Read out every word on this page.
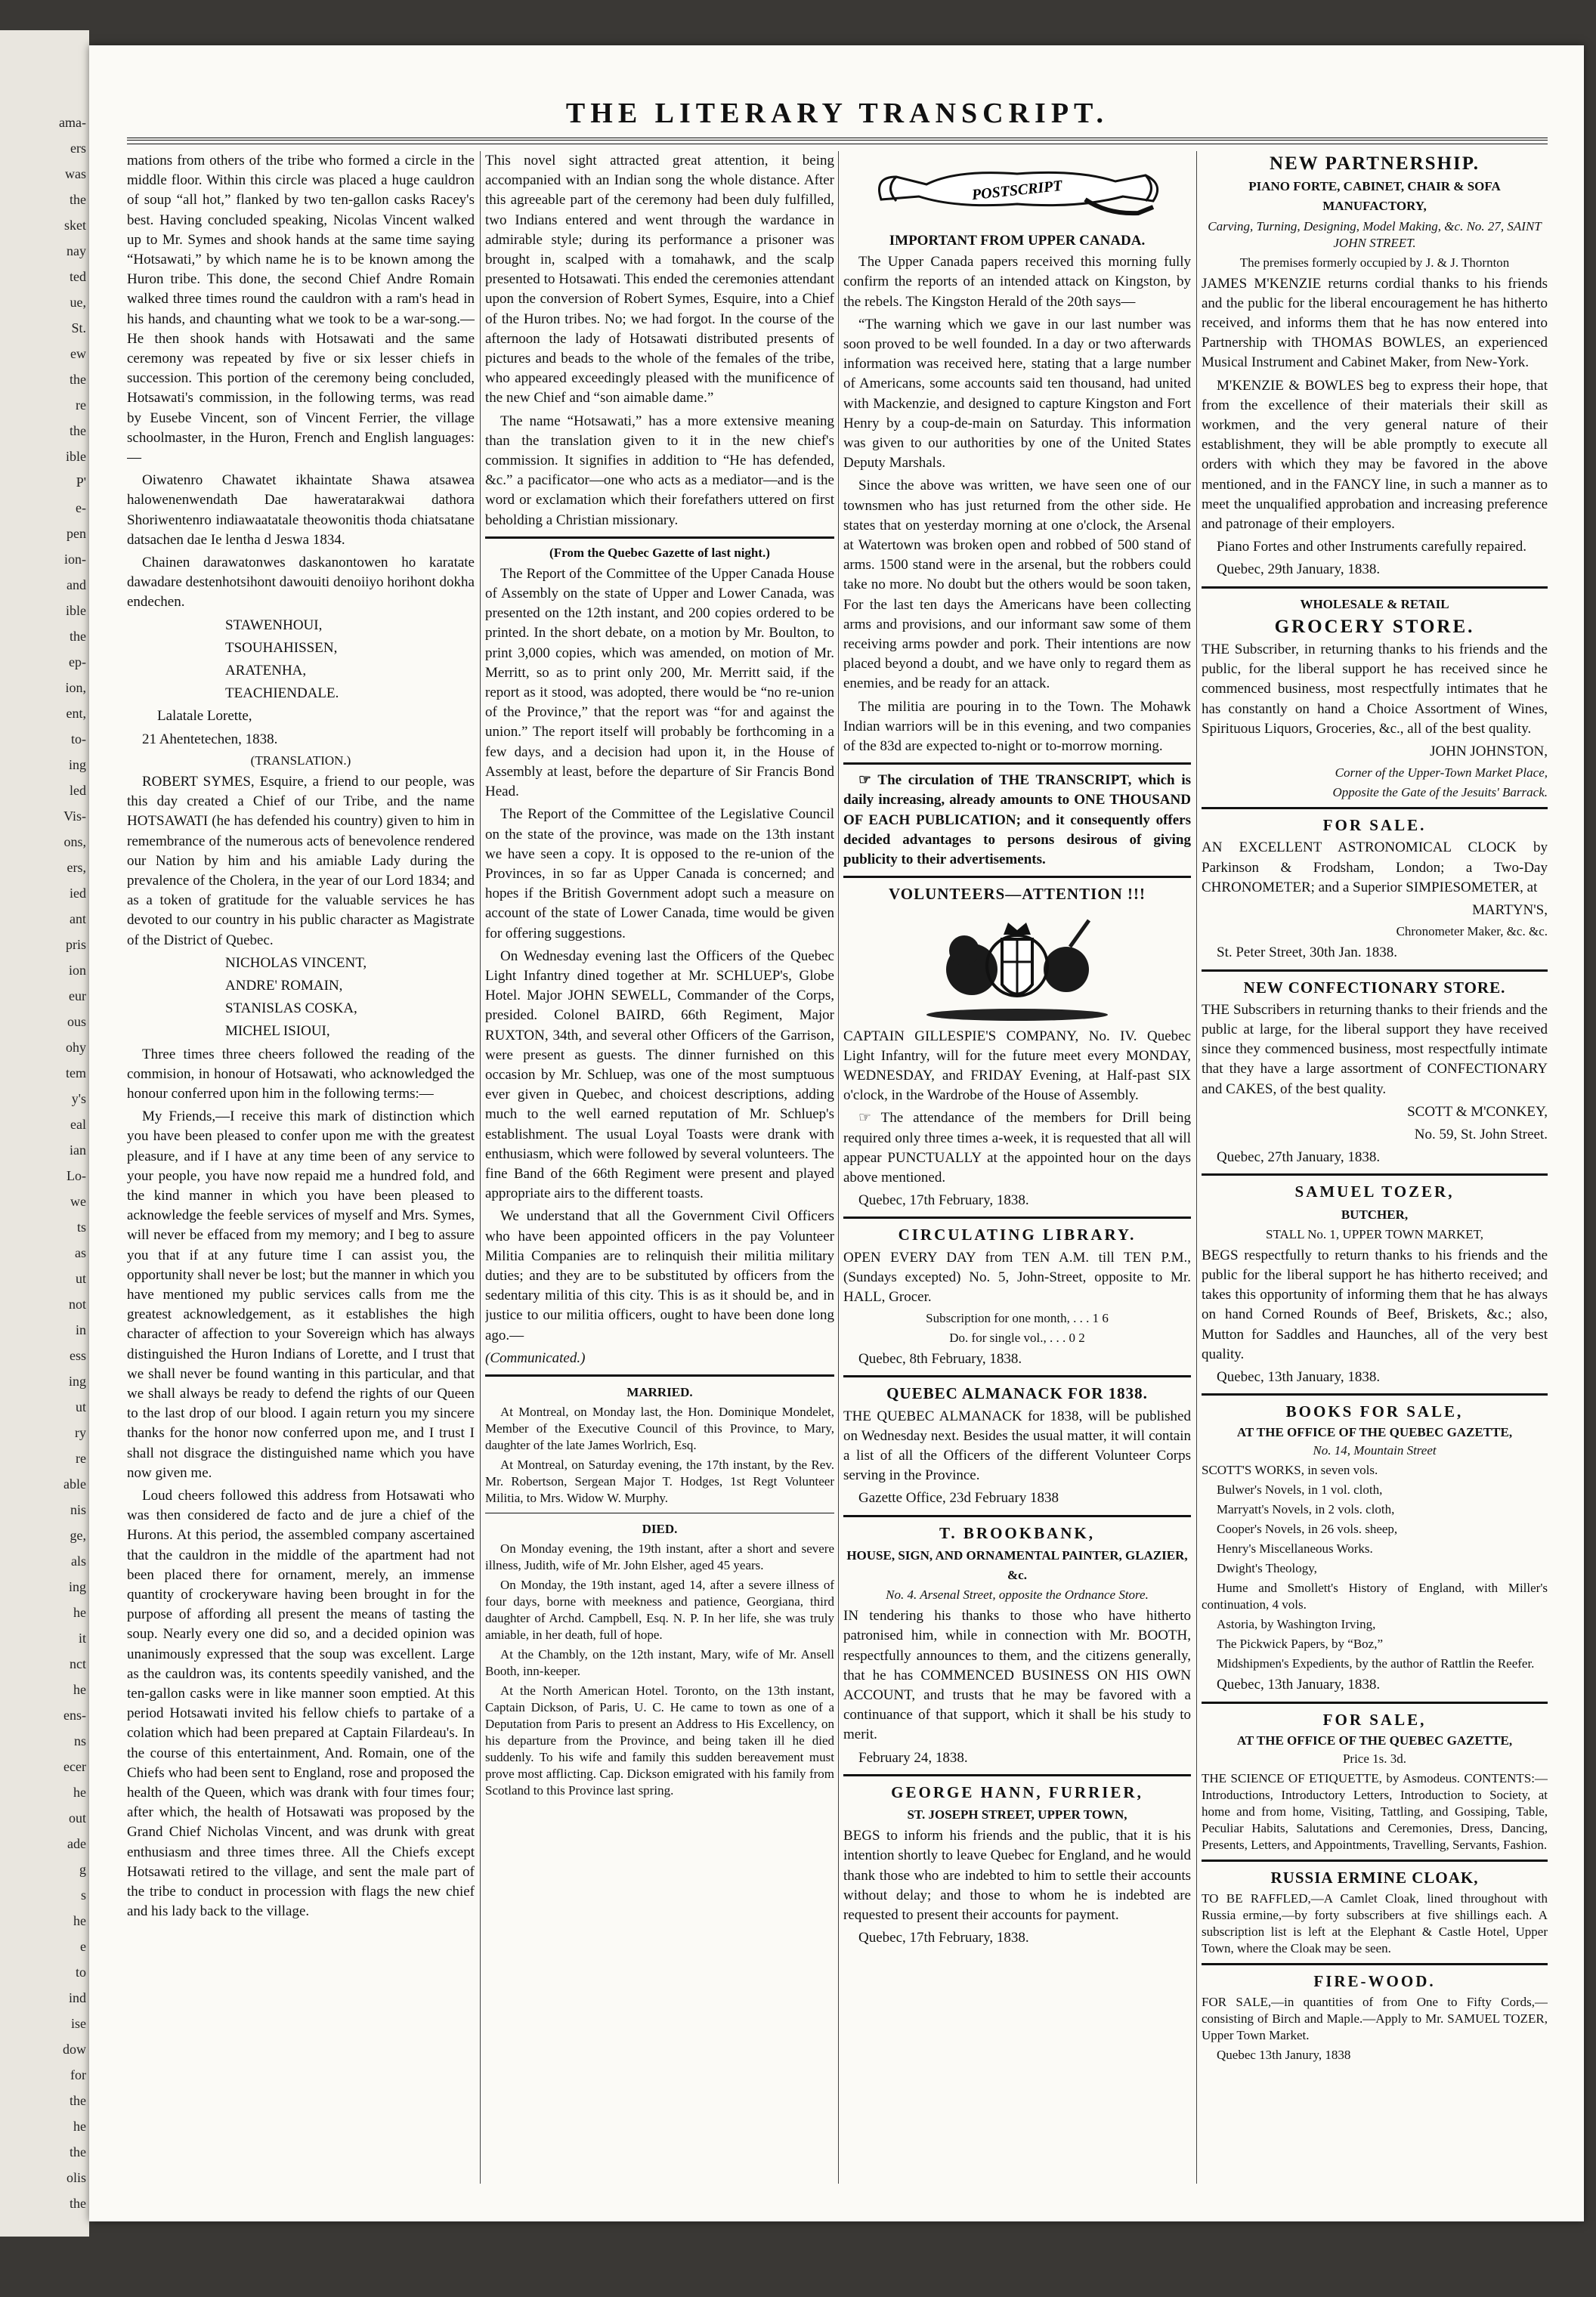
ama-
ers
was
the
sket
nay
ted
ue,
St.
ew
the
re
the
ible
P'
e-
pen
ion-
and
ible
the
ep-
ion,
ent,
to-
ing
led
Vis-
ons,
ers,
ied
ant
pris
ion
eur
ous
ohy
tem
y's
eal
ian
Lo-
we
ts
as
ut
not
in
ess
ing
ut
ry
re
able
nis
ge,
als
ing
he
it
nct
he
ens-
ns
ecer
he
out
ade
g
s
he
e
to
ind
ise
dow
for
the
he
the
olis
the
THE LITERARY TRANSCRIPT.

mations from others of the tribe who formed a circle in the middle floor. Within this circle was placed a huge cauldron of soup “all hot,” flanked by two ten-gallon casks Racey's best. Having concluded speaking, Nicolas Vincent walked up to Mr. Symes and shook hands at the same time saying “Hotsawati,” by which name he is to be known among the Huron tribe. This done, the second Chief Andre Romain walked three times round the cauldron with a ram's head in his hands, and chaunting what we took to be a war-song.— He then shook hands with Hotsawati and the same ceremony was repeated by five or six lesser chiefs in succession. This portion of the ceremony being concluded, Hotsawati's commission, in the following terms, was read by Eusebe Vincent, son of Vincent Ferrier, the village schoolmaster, in the Huron, French and English languages:—

Oiwatenro Chawatet ikhaintate Shawa atsawea halowenenwendath Dae haweratarakwai dathora Shoriwentenro indiawaatatale theowonitis thoda chiatsatane datsachen dae Ie lentha d Jeswa 1834.

Chainen darawatonwes daskanontowen ho karatate dawadare destenhotsihont dawouiti denoiiyo horihont dokha endechen.

STAWENHOUI,

TSOUHAHISSEN,

ARATENHA,

TEACHIENDALE.

Lalatale Lorette,

21 Ahentetechen, 1838.

(TRANSLATION.)

ROBERT SYMES, Esquire, a friend to our people, was this day created a Chief of our Tribe, and the name HOTSAWATI (he has defended his country) given to him in remembrance of the numerous acts of benevolence rendered our Nation by him and his amiable Lady during the prevalence of the Cholera, in the year of our Lord 1834; and as a token of gratitude for the valuable services he has devoted to our country in his public character as Magistrate of the District of Quebec.

NICHOLAS VINCENT,

ANDRE' ROMAIN,

STANISLAS COSKA,

MICHEL ISIOUI,

Three times three cheers followed the reading of the commision, in honour of Hotsawati, who acknowledged the honour conferred upon him in the following terms:—

My Friends,—I receive this mark of distinction which you have been pleased to confer upon me with the greatest pleasure, and if I have at any time been of any service to your people, you have now repaid me a hundred fold, and the kind manner in which you have been pleased to acknowledge the feeble services of myself and Mrs. Symes, will never be effaced from my memory; and I beg to assure you that if at any future time I can assist you, the opportunity shall never be lost; but the manner in which you have mentioned my public services calls from me the greatest acknowledgement, as it establishes the high character of affection to your Sovereign which has always distinguished the Huron Indians of Lorette, and I trust that we shall never be found wanting in this particular, and that we shall always be ready to defend the rights of our Queen to the last drop of our blood. I again return you my sincere thanks for the honor now conferred upon me, and I trust I shall not disgrace the distinguished name which you have now given me.

Loud cheers followed this address from Hotsawati who was then considered de facto and de jure a chief of the Hurons. At this period, the assembled company ascertained that the cauldron in the middle of the apartment had not been placed there for ornament, merely, an immense quantity of crockeryware having been brought in for the purpose of affording all present the means of tasting the soup. Nearly every one did so, and a decided opinion was unanimously expressed that the soup was excellent. Large as the cauldron was, its contents speedily vanished, and the ten-gallon casks were in like manner soon emptied. At this period Hotsawati invited his fellow chiefs to partake of a colation which had been prepared at Captain Filardeau's. In the course of this entertainment, And. Romain, one of the Chiefs who had been sent to England, rose and proposed the health of the Queen, which was drank with four times four; after which, the health of Hotsawati was proposed by the Grand Chief Nicholas Vincent, and was drunk with great enthusiasm and three times three. All the Chiefs except Hotsawati retired to the village, and sent the male part of the tribe to conduct in procession with flags the new chief and his lady back to the village.

This novel sight attracted great attention, it being accompanied with an Indian song the whole distance. After this agreeable part of the ceremony had been duly fulfilled, two Indians entered and went through the wardance in admirable style; during its performance a prisoner was brought in, scalped with a tomahawk, and the scalp presented to Hotsawati. This ended the ceremonies attendant upon the conversion of Robert Symes, Esquire, into a Chief of the Huron tribes. No; we had forgot. In the course of the afternoon the lady of Hotsawati distributed presents of pictures and beads to the whole of the females of the tribe, who appeared exceedingly pleased with the munificence of the new Chief and “son aimable dame.”

The name “Hotsawati,” has a more extensive meaning than the translation given to it in the new chief's commission. It signifies in addition to “He has defended, &c.” a pacificator—one who acts as a mediator—and is the word or exclamation which their forefathers uttered on first beholding a Christian missionary.

(From the Quebec Gazette of last night.)

The Report of the Committee of the Upper Canada House of Assembly on the state of Upper and Lower Canada, was presented on the 12th instant, and 200 copies ordered to be printed. In the short debate, on a motion by Mr. Boulton, to print 3,000 copies, which was amended, on motion of Mr. Merritt, so as to print only 200, Mr. Merritt said, if the report as it stood, was adopted, there would be “no re-union of the Province,” that the report was “for and against the union.” The report itself will probably be forthcoming in a few days, and a decision had upon it, in the House of Assembly at least, before the departure of Sir Francis Bond Head.

The Report of the Committee of the Legislative Council on the state of the province, was made on the 13th instant we have seen a copy. It is opposed to the re-union of the Provinces, in so far as Upper Canada is concerned; and hopes if the British Government adopt such a measure on account of the state of Lower Canada, time would be given for offering suggestions.

On Wednesday evening last the Officers of the Quebec Light Infantry dined together at Mr. SCHLUEP's, Globe Hotel. Major JOHN SEWELL, Commander of the Corps, presided. Colonel BAIRD, 66th Regiment, Major RUXTON, 34th, and several other Officers of the Garrison, were present as guests. The dinner furnished on this occasion by Mr. Schluep, was one of the most sumptuous ever given in Quebec, and choicest descriptions, adding much to the well earned reputation of Mr. Schluep's establishment. The usual Loyal Toasts were drank with enthusiasm, which were followed by several volunteers. The fine Band of the 66th Regiment were present and played appropriate airs to the different toasts.

We understand that all the Government Civil Officers who have been appointed officers in the pay Volunteer Militia Companies are to relinquish their militia military duties; and they are to be substituted by officers from the sedentary militia of this city. This is as it should be, and in justice to our militia officers, ought to have been done long ago.—

(Communicated.)

MARRIED.

At Montreal, on Monday last, the Hon. Dominique Mondelet, Member of the Executive Council of this Province, to Mary, daughter of the late James Worlrich, Esq.

At Montreal, on Saturday evening, the 17th instant, by the Rev. Mr. Robertson, Sergean Major T. Hodges, 1st Regt Volunteer Militia, to Mrs. Widow W. Murphy.

DIED.

On Monday evening, the 19th instant, after a short and severe illness, Judith, wife of Mr. John Elsher, aged 45 years.

On Monday, the 19th instant, aged 14, after a severe illness of four days, borne with meekness and patience, Georgiana, third daughter of Archd. Campbell, Esq. N. P. In her life, she was truly amiable, in her death, full of hope.

At the Chambly, on the 12th instant, Mary, wife of Mr. Ansell Booth, inn-keeper.

At the North American Hotel. Toronto, on the 13th instant, Captain Dickson, of Paris, U. C. He came to town as one of a Deputation from Paris to present an Address to His Excellency, on his departure from the Province, and being taken ill he died suddenly. To his wife and family this sudden bereavement must prove most afflicting. Cap. Dickson emigrated with his family from Scotland to this Province last spring.

POSTSCRIPT
IMPORTANT FROM UPPER CANADA.

The Upper Canada papers received this morning fully confirm the reports of an intended attack on Kingston, by the rebels. The Kingston Herald of the 20th says—

“The warning which we gave in our last number was soon proved to be well founded. In a day or two afterwards information was received here, stating that a large number of Americans, some accounts said ten thousand, had united with Mackenzie, and designed to capture Kingston and Fort Henry by a coup-de-main on Saturday. This information was given to our authorities by one of the United States Deputy Marshals.

Since the above was written, we have seen one of our townsmen who has just returned from the other side. He states that on yesterday morning at one o'clock, the Arsenal at Watertown was broken open and robbed of 500 stand of arms. 1500 stand were in the arsenal, but the robbers could take no more. No doubt but the others would be soon taken, For the last ten days the Americans have been collecting arms and provisions, and our informant saw some of them receiving arms powder and pork. Their intentions are now placed beyond a doubt, and we have only to regard them as enemies, and be ready for an attack.

The militia are pouring in to the Town. The Mohawk Indian warriors will be in this evening, and two companies of the 83d are expected to-night or to-morrow morning.

☞ The circulation of THE TRANSCRIPT, which is daily increasing, already amounts to ONE THOUSAND OF EACH PUBLICATION; and it consequently offers decided advantages to persons desirous of giving publicity to their advertisements.

VOLUNTEERS—ATTENTION !!!

CAPTAIN GILLESPIE'S COMPANY, No. IV. Quebec Light Infantry, will for the future meet every MONDAY, WEDNESDAY, and FRIDAY Evening, at Half-past SIX o'clock, in the Wardrobe of the House of Assembly.

☞ The attendance of the members for Drill being required only three times a-week, it is requested that all will appear PUNCTUALLY at the appointed hour on the days above mentioned.

Quebec, 17th February, 1838.

CIRCULATING LIBRARY.

OPEN EVERY DAY from TEN A.M. till TEN P.M., (Sundays excepted) No. 5, John-Street, opposite to Mr. HALL, Grocer.

Subscription for one month, . . . 1 6

Do. for single vol., . . . 0 2

Quebec, 8th February, 1838.

QUEBEC ALMANACK FOR 1838.

THE QUEBEC ALMANACK for 1838, will be published on Wednesday next. Besides the usual matter, it will contain a list of all the Officers of the different Volunteer Corps serving in the Province.

Gazette Office, 23d February 1838

T. BROOKBANK,
HOUSE, SIGN, AND ORNAMENTAL PAINTER, GLAZIER, &c.

No. 4. Arsenal Street, opposite the Ordnance Store.

IN tendering his thanks to those who have hitherto patronised him, while in connection with Mr. BOOTH, respectfully announces to them, and the citizens generally, that he has COMMENCED BUSINESS ON HIS OWN ACCOUNT, and trusts that he may be favored with a continuance of that support, which it shall be his study to merit.

February 24, 1838.

GEORGE HANN, FURRIER,
ST. JOSEPH STREET, UPPER TOWN,

BEGS to inform his friends and the public, that it is his intention shortly to leave Quebec for England, and he would thank those who are indebted to him to settle their accounts without delay; and those to whom he is indebted are requested to present their accounts for payment.

Quebec, 17th February, 1838.

NEW PARTNERSHIP.
PIANO FORTE, CABINET, CHAIR & SOFA MANUFACTORY,

Carving, Turning, Designing, Model Making, &c. No. 27, SAINT JOHN STREET.

The premises formerly occupied by J. & J. Thornton

JAMES M'KENZIE returns cordial thanks to his friends and the public for the liberal encouragement he has hitherto received, and informs them that he has now entered into Partnership with THOMAS BOWLES, an experienced Musical Instrument and Cabinet Maker, from New-York.

M'KENZIE & BOWLES beg to express their hope, that from the excellence of their materials their skill as workmen, and the very general nature of their establishment, they will be able promptly to execute all orders with which they may be favored in the above mentioned, and in the FANCY line, in such a manner as to meet the unqualified approbation and increasing preference and patronage of their employers.

Piano Fortes and other Instruments carefully repaired.

Quebec, 29th January, 1838.

WHOLESALE & RETAIL
GROCERY STORE.

THE Subscriber, in returning thanks to his friends and the public, for the liberal support he has received since he commenced business, most respectfully intimates that he has constantly on hand a Choice Assortment of Wines, Spirituous Liquors, Groceries, &c., all of the best quality.

JOHN JOHNSTON,

Corner of the Upper-Town Market Place,

Opposite the Gate of the Jesuits' Barrack.

FOR SALE.

AN EXCELLENT ASTRONOMICAL CLOCK by Parkinson & Frodsham, London; a Two-Day CHRONOMETER; and a Superior SIMPIESOMETER, at

MARTYN'S,

Chronometer Maker, &c. &c.

St. Peter Street, 30th Jan. 1838.

NEW CONFECTIONARY STORE.

THE Subscribers in returning thanks to their friends and the public at large, for the liberal support they have received since they commenced business, most respectfully intimate that they have a large assortment of CONFECTIONARY and CAKES, of the best quality.

SCOTT & M'CONKEY,

No. 59, St. John Street.

Quebec, 27th January, 1838.

SAMUEL TOZER,
BUTCHER,

STALL No. 1, UPPER TOWN MARKET,

BEGS respectfully to return thanks to his friends and the public for the liberal support he has hitherto received; and takes this opportunity of informing them that he has always on hand Corned Rounds of Beef, Briskets, &c.; also, Mutton for Saddles and Haunches, all of the very best quality.

Quebec, 13th January, 1838.

BOOKS FOR SALE,
AT THE OFFICE OF THE QUEBEC GAZETTE,

No. 14, Mountain Street

SCOTT'S WORKS, in seven vols.

Bulwer's Novels, in 1 vol. cloth,

Marryatt's Novels, in 2 vols. cloth,

Cooper's Novels, in 26 vols. sheep,

Henry's Miscellaneous Works.

Dwight's Theology,

Hume and Smollett's History of England, with Miller's continuation, 4 vols.

Astoria, by Washington Irving,

The Pickwick Papers, by “Boz,”

Midshipmen's Expedients, by the author of Rattlin the Reefer.

Quebec, 13th January, 1838.

FOR SALE,
AT THE OFFICE OF THE QUEBEC GAZETTE,

Price 1s. 3d.

THE SCIENCE OF ETIQUETTE, by Asmodeus. CONTENTS:—Introductions, Introductory Letters, Introduction to Society, at home and from home, Visiting, Tattling, and Gossiping, Table, Peculiar Habits, Salutations and Ceremonies, Dress, Dancing, Presents, Letters, and Appointments, Travelling, Servants, Fashion.

RUSSIA ERMINE CLOAK,

TO BE RAFFLED,—A Camlet Cloak, lined throughout with Russia ermine,—by forty subscribers at five shillings each. A subscription list is left at the Elephant & Castle Hotel, Upper Town, where the Cloak may be seen.

FIRE-WOOD.

FOR SALE,—in quantities of from One to Fifty Cords,—consisting of Birch and Maple.—Apply to Mr. SAMUEL TOZER, Upper Town Market.

Quebec 13th Janury, 1838
